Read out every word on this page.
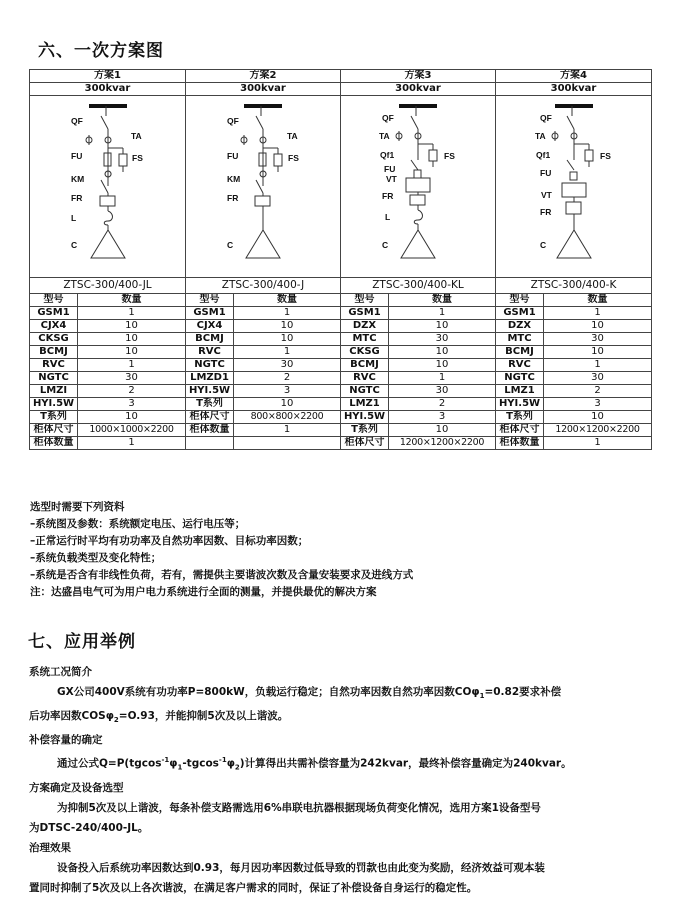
六、一次方案图
方案1		方案2		方案3		方案4	
300kvar		300kvar		300kvar		300kvar	

ZTSC-300/400-JL		ZTSC-300/400-J		ZTSC-300/400-KL		ZTSC-300/400-K	
型号	数量	型号	数量	型号	数量	型号	数量
GSM1	1	GSM1	1	GSM1	1	GSM1	1
CJX4	10	CJX4	10	DZX	10	DZX	10
CKSG	10	BCMJ	10	MTC	30	MTC	30
BCMJ	10	RVC	1	CKSG	10	BCMJ	10
RVC	1	NGTC	30	BCMJ	10	RVC	1
NGTC	30	LMZD1	2	RVC	1	NGTC	30
LMZI	2	HYI.5W	3	NGTC	30	LMZ1	2
HYI.5W	3	T系列	10	LMZ1	2	HYI.5W	3
T系列	10	柜体尺寸	800×800×2200	HYI.5W	3	T系列	10
柜体尺寸	1000×1000×2200	柜体数量	1	T系列	10	柜体尺寸	1200×1200×2200
柜体数量	1			柜体尺寸	1200×1200×2200	柜体数量	1
QF
TA
FU	FS
KM
FR
L
C
QF
TA
FU	FS
KM
FR
C
QF
TA
FS
Qf1
FU
VT
FR
L
C
QF
TA
FS
Qf1
FU
VT
FR
C
选型时需要下列资料
–系统图及参数：系统额定电压、运行电压等；
–正常运行时平均有功功率及自然功率因数、目标功率因数；
–系统负载类型及变化特性；
–系统是否含有非线性负荷，若有，需提供主要谐波次数及含量安装要求及进线方式
注：达盛昌电气可为用户电力系统进行全面的测量，并提供最优的解决方案
七、应用举例
系统工况简介
GX公司400V系统有功功率P=800kW，负载运行稳定；自然功率因数自然功率因数COφ$_1$=0.82要求补偿
后功率因数COSφ$_2$=O.93，并能抑制5次及以上谐波。
补偿容量的确定
通过公式$Q=P(tgcos^{-1}\varphi_1-tgcos^{-1}\varphi_2)$计算得出共需补偿容量为242kvar，最终补偿容量确定为240kvar。
方案确定及设备选型
为抑制5次及以上谐波，每条补偿支路需选用6%串联电抗器根据现场负荷变化情况，选用方案1设备型号
为DTSC-240/400-JL。
治理效果
设备投入后系统功率因数达到0.93，每月因功率因数过低导致的罚款也由此变为奖励，经济效益可观本装
置同时抑制了5次及以上各次谐波，在满足客户需求的同时，保证了补偿设备自身运行的稳定性。
